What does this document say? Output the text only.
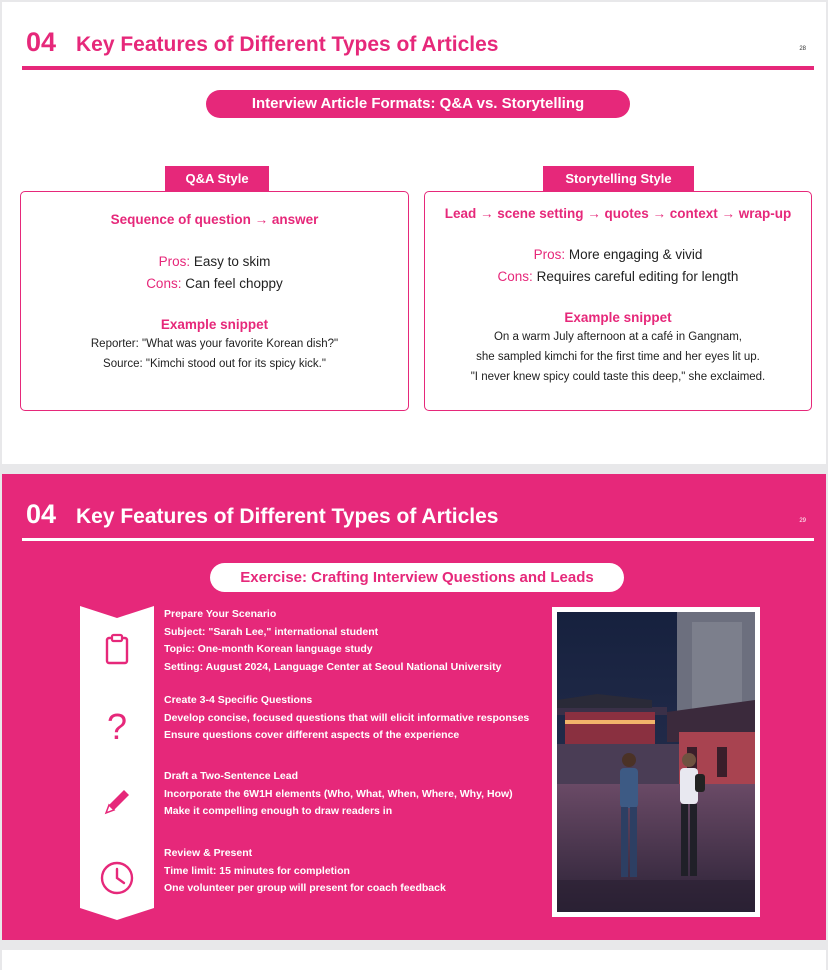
04 Key Features of Different Types of Articles	28
Interview Article Formats: Q&A vs. Storytelling
Q&A Style
Sequence of question → answer
Pros: Easy to skim
Cons: Can feel choppy
Example snippet
Reporter: "What was your favorite Korean dish?"
Source: "Kimchi stood out for its spicy kick."
Storytelling Style
Lead → scene setting → quotes → context → wrap-up
Pros: More engaging & vivid
Cons: Requires careful editing for length
Example snippet
On a warm July afternoon at a café in Gangnam,
she sampled kimchi for the first time and her eyes lit up.
"I never knew spicy could taste this deep," she exclaimed.
04 Key Features of Different Types of Articles	29
Exercise: Crafting Interview Questions and Leads
?
Prepare Your Scenario
Subject: "Sarah Lee," international student
Topic: One-month Korean language study
Setting: August 2024, Language Center at Seoul National University
Create 3-4 Specific Questions
Develop concise, focused questions that will elicit informative responses
Ensure questions cover different aspects of the experience
Draft a Two-Sentence Lead
Incorporate the 6W1H elements (Who, What, When, Where, Why, How)
Make it compelling enough to draw readers in
Review & Present
Time limit: 15 minutes for completion
One volunteer per group will present for coach feedback
